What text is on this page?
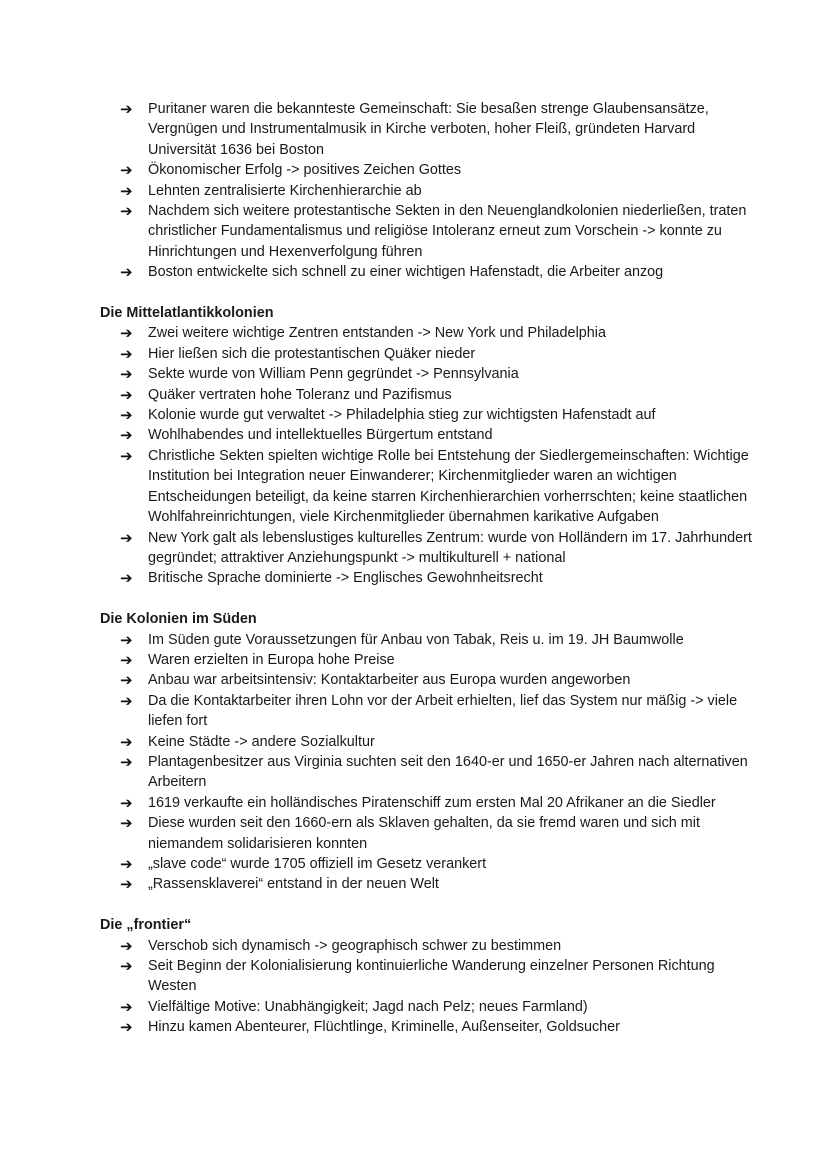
➔ Puritaner waren die bekannteste Gemeinschaft: Sie besaßen strenge Glaubensansätze, Vergnügen und Instrumentalmusik in Kirche verboten, hoher Fleiß, gründeten Harvard Universität 1636 bei Boston
➔ Ökonomischer Erfolg -> positives Zeichen Gottes
➔ Lehnten zentralisierte Kirchenhierarchie ab
➔ Nachdem sich weitere protestantische Sekten in den Neuenglandkolonien niederließen, traten christlicher Fundamentalismus und religiöse Intoleranz erneut zum Vorschein -> konnte zu Hinrichtungen und Hexenverfolgung führen
➔ Boston entwickelte sich schnell zu einer wichtigen Hafenstadt, die Arbeiter anzog
Die Mittelatlantikkolonien
➔ Zwei weitere wichtige Zentren entstanden -> New York und Philadelphia
➔ Hier ließen sich die protestantischen Quäker nieder
➔ Sekte wurde von William Penn gegründet -> Pennsylvania
➔ Quäker vertraten hohe Toleranz und Pazifismus
➔ Kolonie wurde gut verwaltet -> Philadelphia stieg zur wichtigsten Hafenstadt auf
➔ Wohlhabendes und intellektuelles Bürgertum entstand
➔ Christliche Sekten spielten wichtige Rolle bei Entstehung der Siedlergemeinschaften: Wichtige Institution bei Integration neuer Einwanderer; Kirchenmitglieder waren an wichtigen Entscheidungen beteiligt, da keine starren Kirchenhierarchien vorherrschten; keine staatlichen Wohlfahreinrichtungen, viele Kirchenmitglieder übernahmen karikative Aufgaben
➔ New York galt als lebenslustiges kulturelles Zentrum: wurde von Holländern im 17. Jahrhundert gegründet; attraktiver Anziehungspunkt -> multikulturell + national
➔ Britische Sprache dominierte -> Englisches Gewohnheitsrecht
Die Kolonien im Süden
➔ Im Süden gute Voraussetzungen für Anbau von Tabak, Reis u. im 19. JH Baumwolle
➔ Waren erzielten in Europa hohe Preise
➔ Anbau war arbeitsintensiv: Kontaktarbeiter aus Europa wurden angeworben
➔ Da die Kontaktarbeiter ihren Lohn vor der Arbeit erhielten, lief das System nur mäßig -> viele liefen fort
➔ Keine Städte -> andere Sozialkultur
➔ Plantagenbesitzer aus Virginia suchten seit den 1640-er und 1650-er Jahren nach alternativen Arbeitern
➔ 1619 verkaufte ein holländisches Piratenschiff zum ersten Mal 20 Afrikaner an die Siedler
➔ Diese wurden seit den 1660-ern als Sklaven gehalten, da sie fremd waren und sich mit niemandem solidarisieren konnten
➔ „slave code“ wurde 1705 offiziell im Gesetz verankert
➔ „Rassensklaverei“ entstand in der neuen Welt
Die „frontier“
➔ Verschob sich dynamisch -> geographisch schwer zu bestimmen
➔ Seit Beginn der Kolonialisierung kontinuierliche Wanderung einzelner Personen Richtung Westen
➔ Vielfältige Motive: Unabhängigkeit; Jagd nach Pelz; neues Farmland)
➔ Hinzu kamen Abenteurer, Flüchtlinge, Kriminelle, Außenseiter, Goldsucher
